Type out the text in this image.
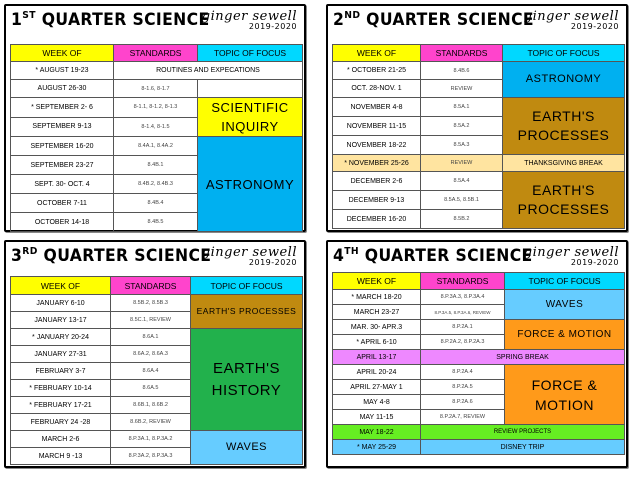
1ST QUARTER SCIENCE
ginger sewell
2019-2020
WEEK OF	STANDARDS	TOPIC OF FOCUS
* AUGUST 19-23	ROUTINES AND EXPECATIONS	
AUGUST 26-30	8-1.6, 8-1.7	
* SEPTEMBER 2- 6	8-1.1, 8-1.2, 8-1.3	SCIENTIFIC INQUIRY
SEPTEMBER 9-13	8-1.4, 8-1.5	
SEPTEMBER 16-20	8.4A.1, 8.4A.2	ASTRONOMY
SEPTEMBER 23-27	8.4B.1	
SEPT. 30- OCT. 4	8.4B.2, 8.4B.3	
OCTOBER 7-11	8.4B.4	
OCTOBER 14-18	8.4B.5	
2ND QUARTER SCIENCE
ginger sewell
2019-2020
WEEK OF	STANDARDS	TOPIC OF FOCUS
* OCTOBER 21-25	8.4B.6	ASTRONOMY
OCT. 28-NOV. 1	REVIEW	
NOVEMBER 4-8	8.5A.1	EARTH'S PROCESSES
NOVEMBER 11-15	8.5A.2	
NOVEMBER 18-22	8.5A.3	
* NOVEMBER 25-26	REVIEW	THANKSGIVING BREAK
DECEMBER 2-6	8.5A.4	EARTH'S PROCESSES
DECEMBER 9-13	8.5A.5, 8.5B.1	
DECEMBER 16-20	8.5B.2	
3RD QUARTER SCIENCE
ginger sewell
2019-2020
WEEK OF	STANDARDS	TOPIC OF FOCUS
JANUARY 6-10	8.5B.2, 8.5B.3	EARTH'S PROCESSES
JANUARY 13-17	8.5C.1, REVIEW	
* JANUARY 20-24	8.6A.1	EARTH'S HISTORY
JANUARY 27-31	8.6A.2, 8.6A.3	
FEBRUARY 3-7	8.6A.4	
* FEBRUARY 10-14	8.6A.5	
* FEBRUARY 17-21	8.6B.1, 8.6B.2	
FEBRUARY 24 -28	8.6B.2, REVIEW	
MARCH 2-6	8.P.3A.1, 8.P.3A.2	WAVES
MARCH 9 -13	8.P.3A.2, 8.P.3A.3	
4TH QUARTER SCIENCE
ginger sewell
2019-2020
WEEK OF	STANDARDS	TOPIC OF FOCUS
* MARCH 18-20	8.P.3A.3, 8.P.3A.4	WAVES
MARCH 23-27	8.P.3A.5, 8.P.3A.6, REVIEW	
MAR. 30- APR.3	8.P.2A.1	FORCE & MOTION
* APRIL 6-10	8.P.2A.2, 8.P.2A.3	
APRIL 13-17	SPRING BREAK	
APRIL 20-24	8.P.2A.4	FORCE & MOTION
APRIL 27-MAY 1	8.P.2A.5	
MAY 4-8	8.P.2A.6	
MAY 11-15	8.P.2A.7, REVIEW	
MAY 18-22	REVIEW PROJECTS	
* MAY 25-29	DISNEY TRIP	
